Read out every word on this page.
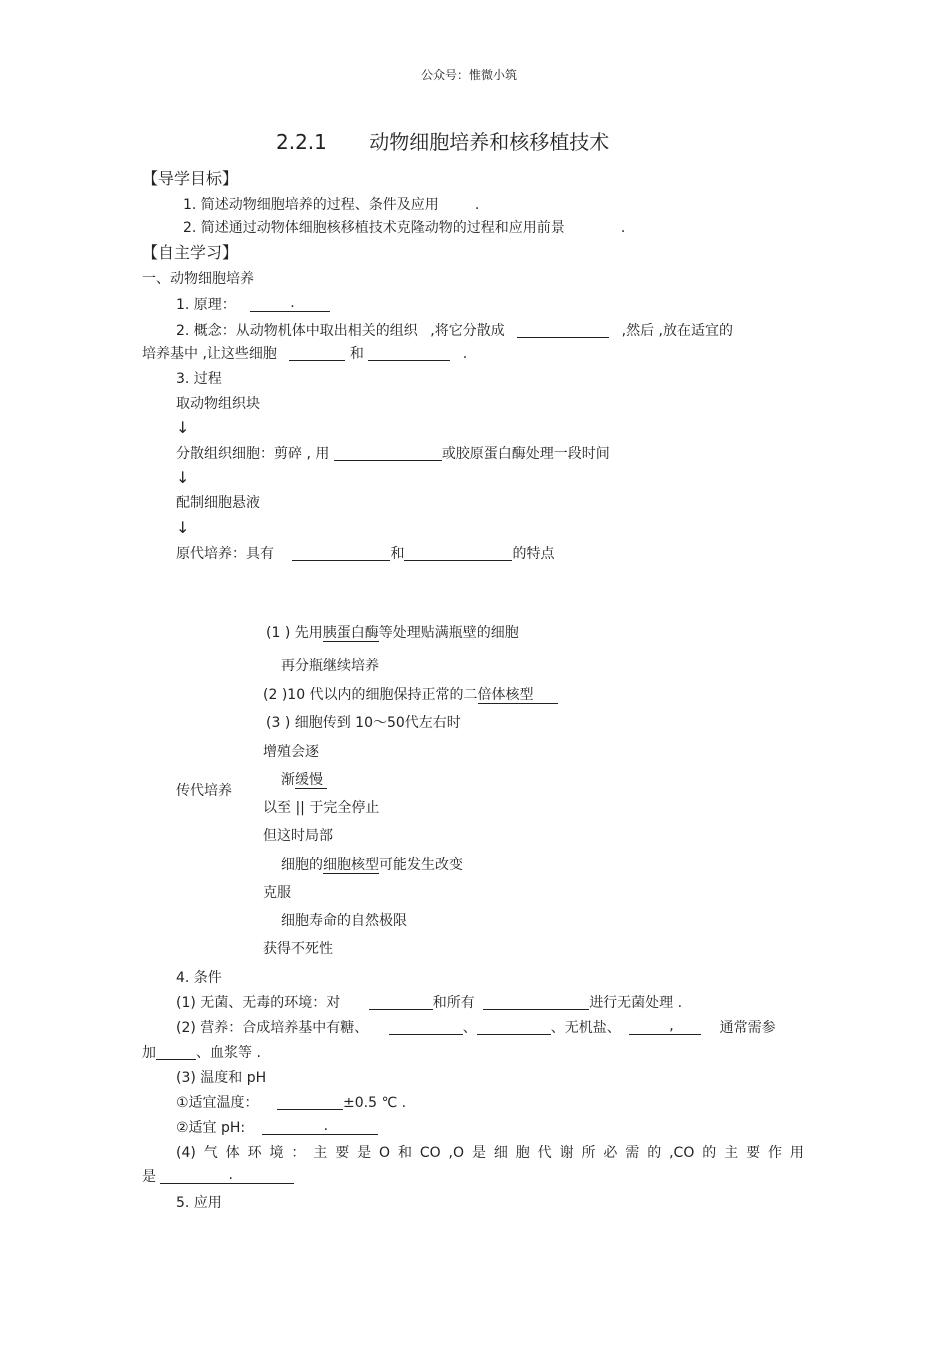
公众号：惟微小筑
2.2.1 动物细胞培养和核移植技术
【导学目标】
1. 简述动物细胞培养的过程、条件及应用	.
2. 简述通过动物体细胞核移植技术克隆动物的过程和应用前景	.
【自主学习】
一、动物细胞培养
1. 原理：	.
2. 概念：从动物机体中取出相关的组织 ,将它分散成	,然后 ,放在适宜的
培养基中 ,让这些细胞	和	.
3. 过程
取动物组织块
↓
分散组织细胞：剪碎 , 用	或胶原蛋白酶处理一段时间
↓
配制细胞悬液
↓
原代培养：具有	和	的特点
传代培养
(1 ) 先用胰蛋白酶等处理贴满瓶壁的细胞
再分瓶继续培养
(2 )10 代以内的细胞保持正常的二倍体核型
(3 ) 细胞传到 10～50代左右时
增殖会逐
渐缓慢
以至 || 于完全停止
但这时局部
细胞的细胞核型可能发生改变
克服
细胞寿命的自然极限
获得不死性
4. 条件
(1) 无菌、无毒的环境：对	和所有	进行无菌处理 .
(2) 营养：合成培养基中有糖、	、	、无机盐、	,	通常需参
加	、血浆等 .
(3) 温度和 pH
①适宜温度：	±0.5 ℃ .
②适宜 pH:	.
(4) 气 体 环 境 ： 主 要 是 O 和 CO ,O 是 细 胞 代 谢 所 必 需 的 ,CO 的 主 要 作 用
是	.
5. 应用
